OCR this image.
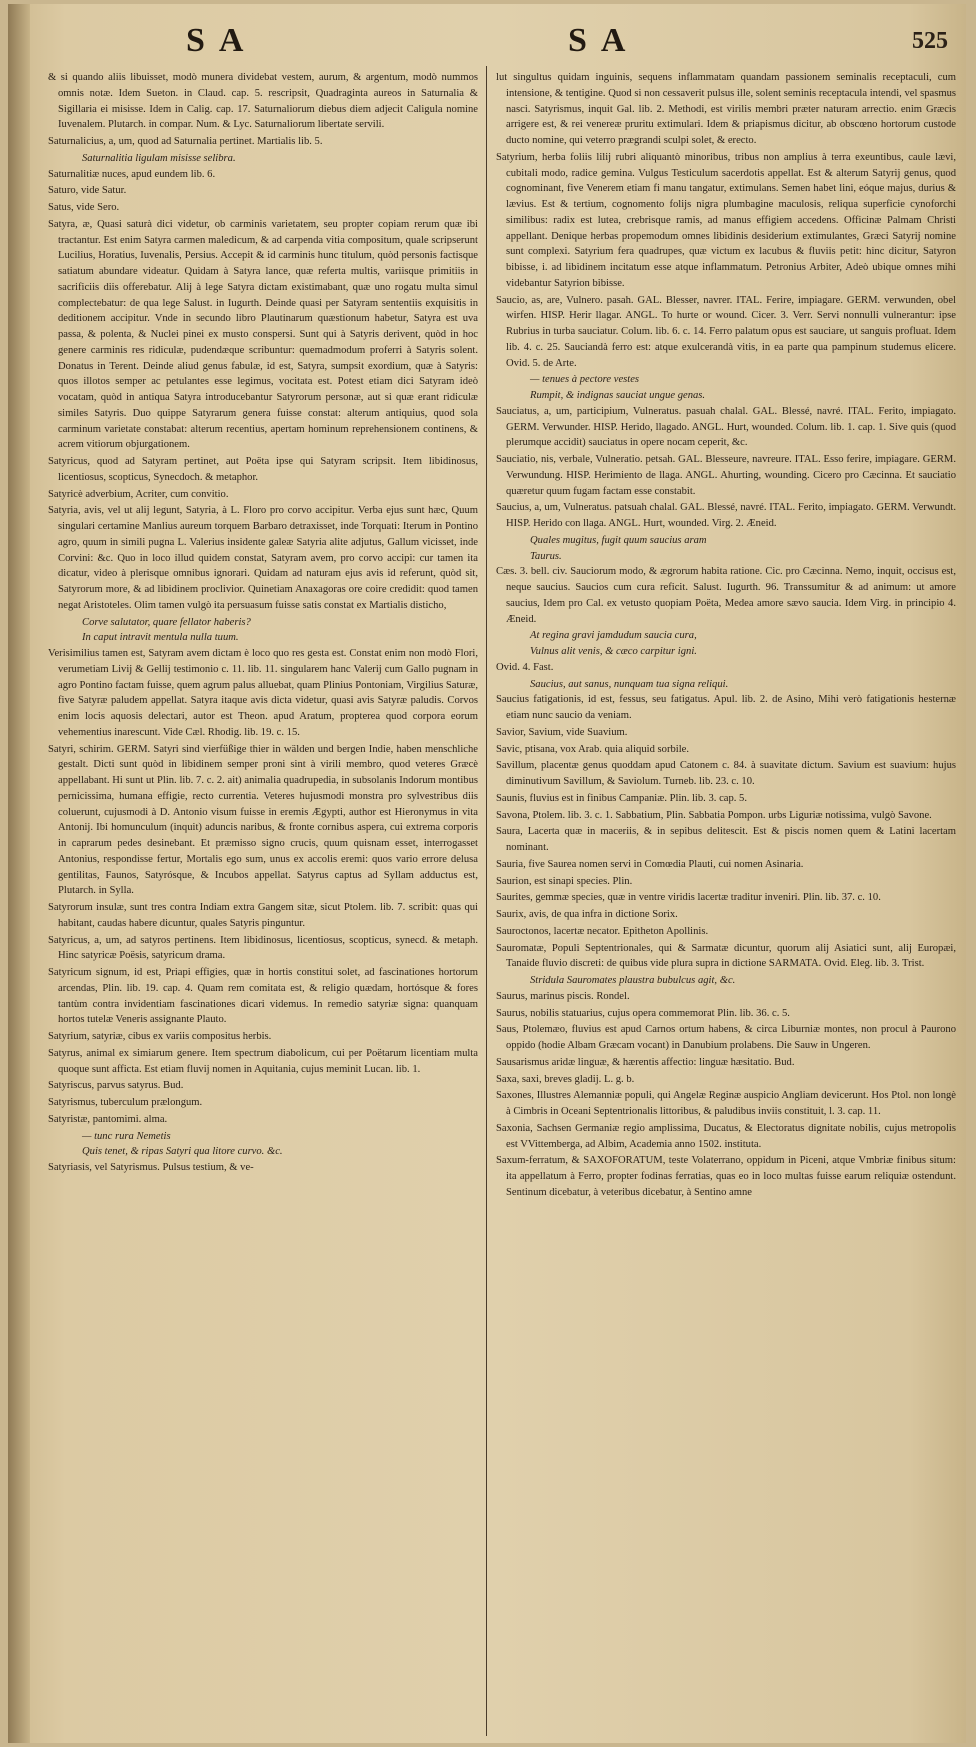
SA	SA	525

& si quando aliis libuisset, modò munera dividebat vestem, aurum, & argentum, modò nummos omnis notæ. Idem Sueton. in Claud. cap. 5. rescripsit, Quadraginta aureos in Saturnalia & Sigillaria ei misisse. Idem in Calig. cap. 17. Saturnaliorum diebus diem adjecit Caligula nomine Iuvenalem. Plutarch. in compar. Num. & Lyc. Saturnaliorum libertate servili.

Saturnalicius, a, um, quod ad Saturnalia pertinet. Martialis lib. 5.

Saturnalitia ligulam misisse selibra.

Saturnalitiæ nuces, apud eundem lib. 6.

Saturo, vide Satur.

Satus, vide Sero.

Satyra, æ, Quasi saturà dici videtur, ob carminis varietatem, seu propter copiam rerum quæ ibi tractantur. Est enim Satyra carmen maledicum, & ad carpenda vitia compositum, quale scripserunt Lucilius, Horatius, Iuvenalis, Persius. Accepit & id carminis hunc titulum, quòd personis factisque satiatum abundare videatur. Quidam à Satyra lance, quæ referta multis, variisque primitiis in sacrificiis diis offerebatur. Alij à lege Satyra dictam existimabant, quæ uno rogatu multa simul complectebatur: de qua lege Salust. in Iugurth. Deinde quasi per Satyram sententiis exquisitis in deditionem accipitur. Vnde in secundo libro Plautinarum quæstionum habetur, Satyra est uva passa, & polenta, & Nuclei pinei ex musto conspersi. Sunt qui à Satyris derivent, quòd in hoc genere carminis res ridiculæ, pudendæque scribuntur: quemadmodum proferri à Satyris solent. Donatus in Terent. Deinde aliud genus fabulæ, id est, Satyra, sumpsit exordium, quæ à Satyris: quos illotos semper ac petulantes esse legimus, vocitata est. Potest etiam dici Satyram ideò vocatam, quòd in antiqua Satyra introducebantur Satyrorum personæ, aut si quæ erant ridiculæ similes Satyris. Duo quippe Satyrarum genera fuisse constat: alterum antiquius, quod sola carminum varietate constabat: alterum recentius, apertam hominum reprehensionem continens, & acrem vitiorum objurgationem.

Satyricus, quod ad Satyram pertinet, aut Poëta ipse qui Satyram scripsit. Item libidinosus, licentiosus, scopticus, Synecdoch. & metaphor.

Satyricè adverbium, Acriter, cum convitio.

Satyria, avis, vel ut alij legunt, Satyria, à L. Floro pro corvo accipitur. Verba ejus sunt hæc, Quum singulari certamine Manlius aureum torquem Barbaro detraxisset, inde Torquati: Iterum in Pontino agro, quum in simili pugna L. Valerius insidente galeæ Satyria alite adjutus, Gallum vicisset, inde Corvini: &c. Quo in loco illud quidem constat, Satyram avem, pro corvo accipi: cur tamen ita dicatur, video à plerisque omnibus ignorari. Quidam ad naturam ejus avis id referunt, quòd sit, Satyrorum more, & ad libidinem proclivior. Quinetiam Anaxagoras ore coire credidit: quod tamen negat Aristoteles. Olim tamen vulgò ita persuasum fuisse satis constat ex Martialis disticho,

Corve salutator, quare fellator haberis?

In caput intravit mentula nulla tuum.

Verisimilius tamen est, Satyram avem dictam è loco quo res gesta est. Constat enim non modò Flori, verumetiam Livij & Gellij testimonio c. 11. lib. 11. singularem hanc Valerij cum Gallo pugnam in agro Pontino factam fuisse, quem agrum palus alluebat, quam Plinius Pontoniam, Virgilius Saturæ, five Satyræ paludem appellat. Satyra itaque avis dicta videtur, quasi avis Satyræ paludis. Corvos enim locis aquosis delectari, autor est Theon. apud Aratum, propterea quod corpora eorum vehementius inarescunt. Vide Cæl. Rhodig. lib. 19. c. 15.

Satyri, schirim. GERM. Satyri sind vierfüßige thier in wälden und bergen Indie, haben menschliche gestalt. Dicti sunt quòd in libidinem semper proni sint à virili membro, quod veteres Græcè appellabant. Hi sunt ut Plin. lib. 7. c. 2. ait) animalia quadrupedia, in subsolanis Indorum montibus pernicissima, humana effigie, recto currentia. Veteres hujusmodi monstra pro sylvestribus diis coluerunt, cujusmodi à D. Antonio visum fuisse in eremis Ægypti, author est Hieronymus in vita Antonij. Ibi homunculum (inquit) aduncis naribus, & fronte cornibus aspera, cui extrema corporis in caprarum pedes desinebant. Et præmisso signo crucis, quum quisnam esset, interrogasset Antonius, respondisse fertur, Mortalis ego sum, unus ex accolis eremi: quos vario errore delusa gentilitas, Faunos, Satyrósque, & Incubos appellat. Satyrus captus ad Syllam adductus est, Plutarch. in Sylla.

Satyrorum insulæ, sunt tres contra Indiam extra Gangem sitæ, sicut Ptolem. lib. 7. scribit: quas qui habitant, caudas habere dicuntur, quales Satyris pinguntur.

Satyricus, a, um, ad satyros pertinens. Item libidinosus, licentiosus, scopticus, synecd. & metaph. Hinc satyricæ Poësis, satyricum drama.

Satyricum signum, id est, Priapi effigies, quæ in hortis constitui solet, ad fascinationes hortorum arcendas, Plin. lib. 19. cap. 4. Quam rem comitata est, & religio quædam, hortósque & fores tantùm contra invidentiam fascinationes dicari videmus. In remedio satyriæ signa: quanquam hortos tutelæ Veneris assignante Plauto.

Satyrium, satyriæ, cibus ex variis compositus herbis.

Satyrus, animal ex simiarum genere. Item spectrum diabolicum, cui per Poëtarum licentiam multa quoque sunt afficta. Est etiam fluvij nomen in Aquitania, cujus meminit Lucan. lib. 1.

Satyriscus, parvus satyrus. Bud.

Satyrismus, tuberculum prælongum.

Satyristæ, pantomimi. alma.

— tunc rura Nemetis

Quis tenet, & ripas Satyri qua litore curvo. &c.

Satyriasis, vel Satyrismus. Pulsus testium, & ve-

lut singultus quidam inguinis, sequens inflammatam quandam passionem seminalis receptaculi, cum intensione, & tentigine. Quod si non cessaverit pulsus ille, solent seminis receptacula intendi, vel spasmus nasci. Satyrismus, inquit Gal. lib. 2. Methodi, est virilis membri præter naturam arrectio. enim Græcis arrigere est, & rei venereæ pruritu extimulari. Idem & priapismus dicitur, ab obscœno hortorum custode ducto nomine, qui veterro prægrandi sculpi solet, & erecto.

Satyrium, herba foliis lilij rubri aliquantò minoribus, tribus non amplius à terra exeuntibus, caule lævi, cubitali modo, radice gemina. Vulgus Testiculum sacerdotis appellat. Est & alterum Satyrij genus, quod cognominant, five Venerem etiam fi manu tangatur, extimulans. Semen habet lini, eóque majus, durius & lævius. Est & tertium, cognomento folijs nigra plumbagine maculosis, reliqua superficie cynoforchi similibus: radix est lutea, crebrisque ramis, ad manus effigiem accedens. Officinæ Palmam Christi appellant. Denique herbas propemodum omnes libidinis desiderium extimulantes, Græci Satyrij nomine sunt complexi. Satyrium fera quadrupes, quæ victum ex lacubus & fluviis petit: hinc dicitur, Satyron bibisse, i. ad libidinem incitatum esse atque inflammatum. Petronius Arbiter, Adeò ubique omnes mihi videbantur Satyrion bibisse.

Saucio, as, are, Vulnero. pasah. GAL. Blesser, navrer. ITAL. Ferire, impiagare. GERM. verwunden, obel wirfen. HISP. Herir llagar. ANGL. To hurte or wound. Cicer. 3. Verr. Servi nonnulli vulnerantur: ipse Rubrius in turba sauciatur. Colum. lib. 6. c. 14. Ferro palatum opus est sauciare, ut sanguis profluat. Idem lib. 4. c. 25. Sauciandà ferro est: atque exulcerandà vitis, in ea parte qua pampinum studemus elicere. Ovid. 5. de Arte.

— tenues à pectore vestes

Rumpit, & indignas sauciat ungue genas.

Sauciatus, a, um, participium, Vulneratus. pasuah chalal. GAL. Blessé, navré. ITAL. Ferito, impiagato. GERM. Verwunder. HISP. Herido, llagado. ANGL. Hurt, wounded. Colum. lib. 1. cap. 1. Sive quis (quod plerumque accidit) sauciatus in opere nocam ceperit, &c.

Sauciatio, nis, verbale, Vulneratio. petsah. GAL. Blesseure, navreure. ITAL. Esso ferire, impiagare. GERM. Verwundung. HISP. Herimiento de llaga. ANGL. Ahurting, wounding. Cicero pro Cæcinna. Et sauciatio quæretur quum fugam factam esse constabit.

Saucius, a, um, Vulneratus. patsuah chalal. GAL. Blessé, navré. ITAL. Ferito, impiagato. GERM. Verwundt. HISP. Herido con llaga. ANGL. Hurt, wounded. Virg. 2. Æneid.

Quales mugitus, fugit quum saucius aram

Taurus.

Cæs. 3. bell. civ. Sauciorum modo, & ægrorum habita ratione. Cic. pro Cæcinna. Nemo, inquit, occisus est, neque saucius. Saucios cum cura reficit. Salust. Iugurth. 96. Transsumitur & ad animum: ut amore saucius, Idem pro Cal. ex vetusto quopiam Poëta, Medea amore sævo saucia. Idem Virg. in principio 4. Æneid.

At regina gravi jamdudum saucia cura,

Vulnus alit venis, & cæco carpitur igni.

Ovid. 4. Fast.

Saucius, aut sanus, nunquam tua signa reliqui.

Saucius fatigationis, id est, fessus, seu fatigatus. Apul. lib. 2. de Asino, Mihi verò fatigationis hesternæ etiam nunc saucio da veniam.

Savior, Savium, vide Suavium.

Savic, ptisana, vox Arab. quia aliquid sorbile.

Savillum, placentæ genus quoddam apud Catonem c. 84. à suavitate dictum. Savium est suavium: hujus diminutivum Savillum, & Saviolum. Turneb. lib. 23. c. 10.

Saunis, fluvius est in finibus Campaniæ. Plin. lib. 3. cap. 5.

Savona, Ptolem. lib. 3. c. 1. Sabbatium, Plin. Sabbatia Pompon. urbs Liguriæ notissima, vulgò Savone.

Saura, Lacerta quæ in maceriis, & in sepibus delitescit. Est & piscis nomen quem & Latini lacertam nominant.

Sauria, five Saurea nomen servi in Comœdia Plauti, cui nomen Asinaria.

Saurion, est sinapi species. Plin.

Saurites, gemmæ species, quæ in ventre viridis lacertæ traditur inveniri. Plin. lib. 37. c. 10.

Saurix, avis, de qua infra in dictione Sorix.

Sauroctonos, lacertæ necator. Epitheton Apollinis.

Sauromatæ, Populi Septentrionales, qui & Sarmatæ dicuntur, quorum alij Asiatici sunt, alij Europæi, Tanaide fluvio discreti: de quibus vide plura supra in dictione SARMATA. Ovid. Eleg. lib. 3. Trist.

Stridula Sauromates plaustra bubulcus agit, &c.

Saurus, marinus piscis. Rondel.

Saurus, nobilis statuarius, cujus opera commemorat Plin. lib. 36. c. 5.

Saus, Ptolemæo, fluvius est apud Carnos ortum habens, & circa Liburniæ montes, non procul à Paurono oppido (hodie Albam Græcam vocant) in Danubium prolabens. Die Sauw in Ungeren.

Sausarismus aridæ linguæ, & hærentis affectio: linguæ hæsitatio. Bud.

Saxa, saxi, breves gladij. L. g. b.

Saxones, Illustres Alemanniæ populi, qui Angelæ Reginæ auspicio Angliam devicerunt. Hos Ptol. non longè à Cimbris in Oceani Septentrionalis littoribus, & paludibus inviis constituit, l. 3. cap. 11.

Saxonia, Sachsen Germaniæ regio amplissima, Ducatus, & Electoratus dignitate nobilis, cujus metropolis est VVittemberga, ad Albim, Academia anno 1502. instituta.

Saxum-ferratum, & SAXOFORATUM, teste Volaterrano, oppidum in Piceni, atque Vmbriæ finibus situm: ita appellatum à Ferro, propter fodinas ferratias, quas eo in loco multas fuisse earum reliquiæ ostendunt. Sentinum dicebatur, à veteribus dicebatur, à Sentino amne
